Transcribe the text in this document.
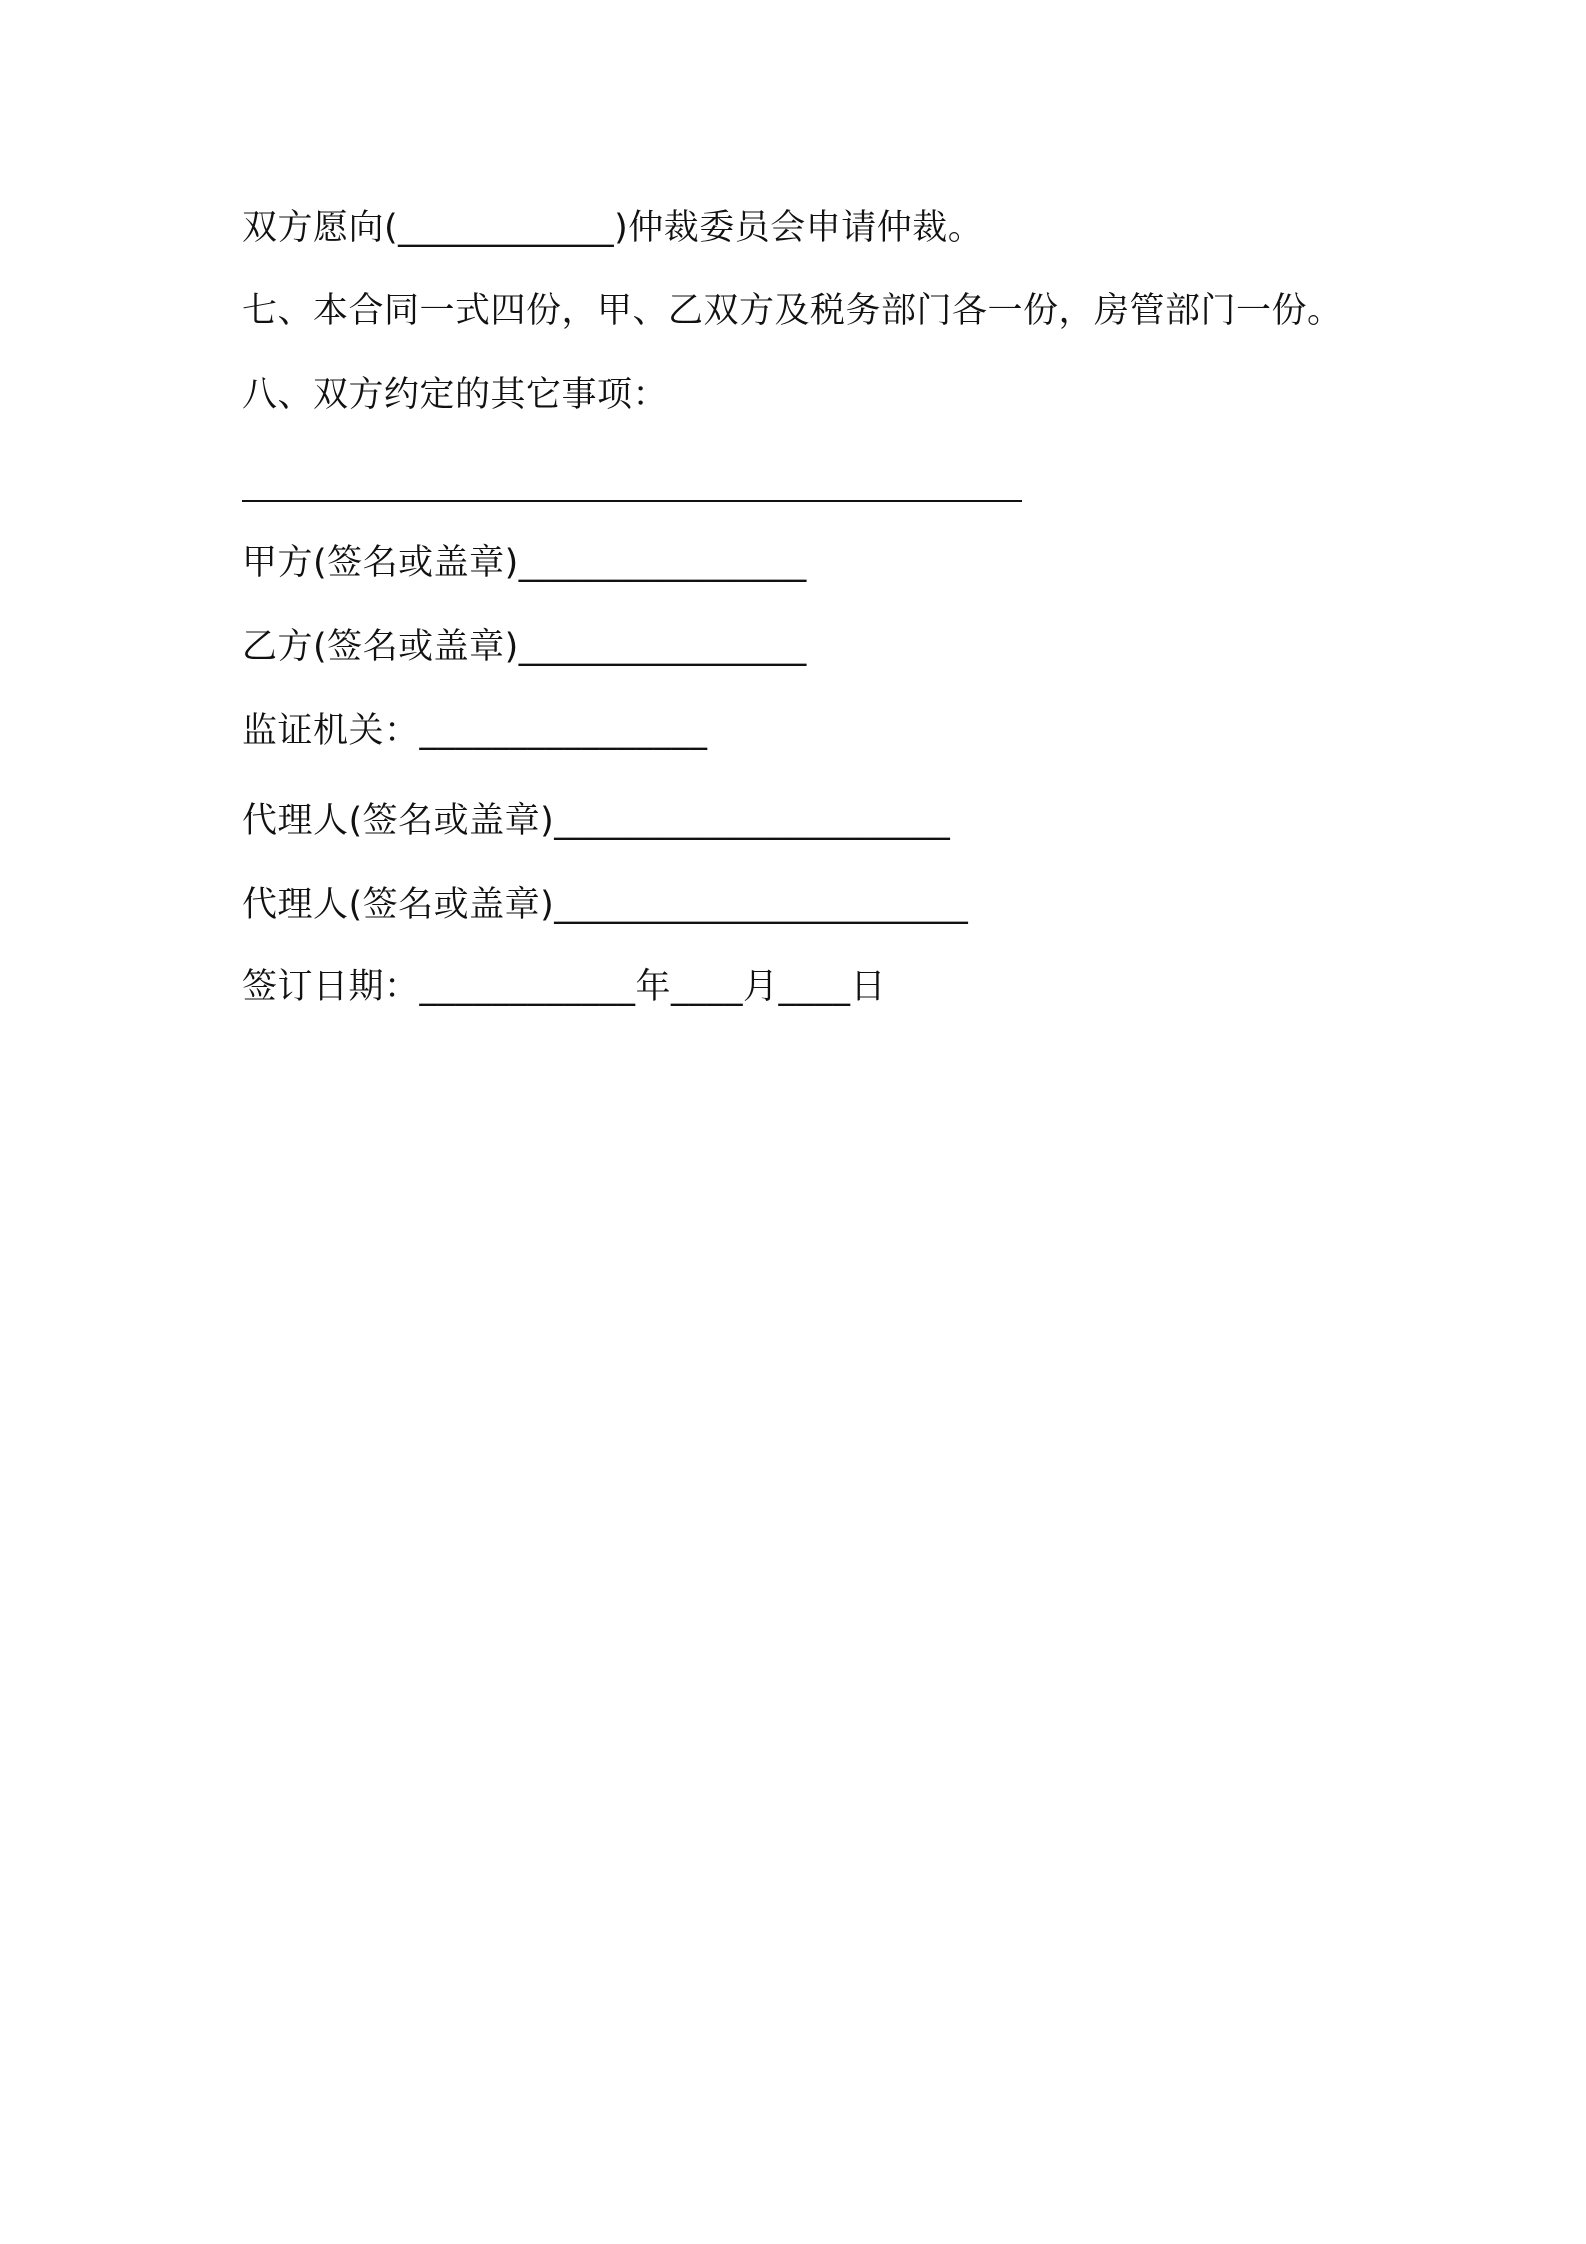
双方愿向(____________)仲裁委员会申请仲裁。
七、本合同一式四份，甲、乙双方及税务部门各一份，房管部门一份。
八、双方约定的其它事项：
甲方(签名或盖章)________________
乙方(签名或盖章)________________
监证机关：________________
代理人(签名或盖章)______________________
代理人(签名或盖章)_______________________
签订日期：____________年____月____日
